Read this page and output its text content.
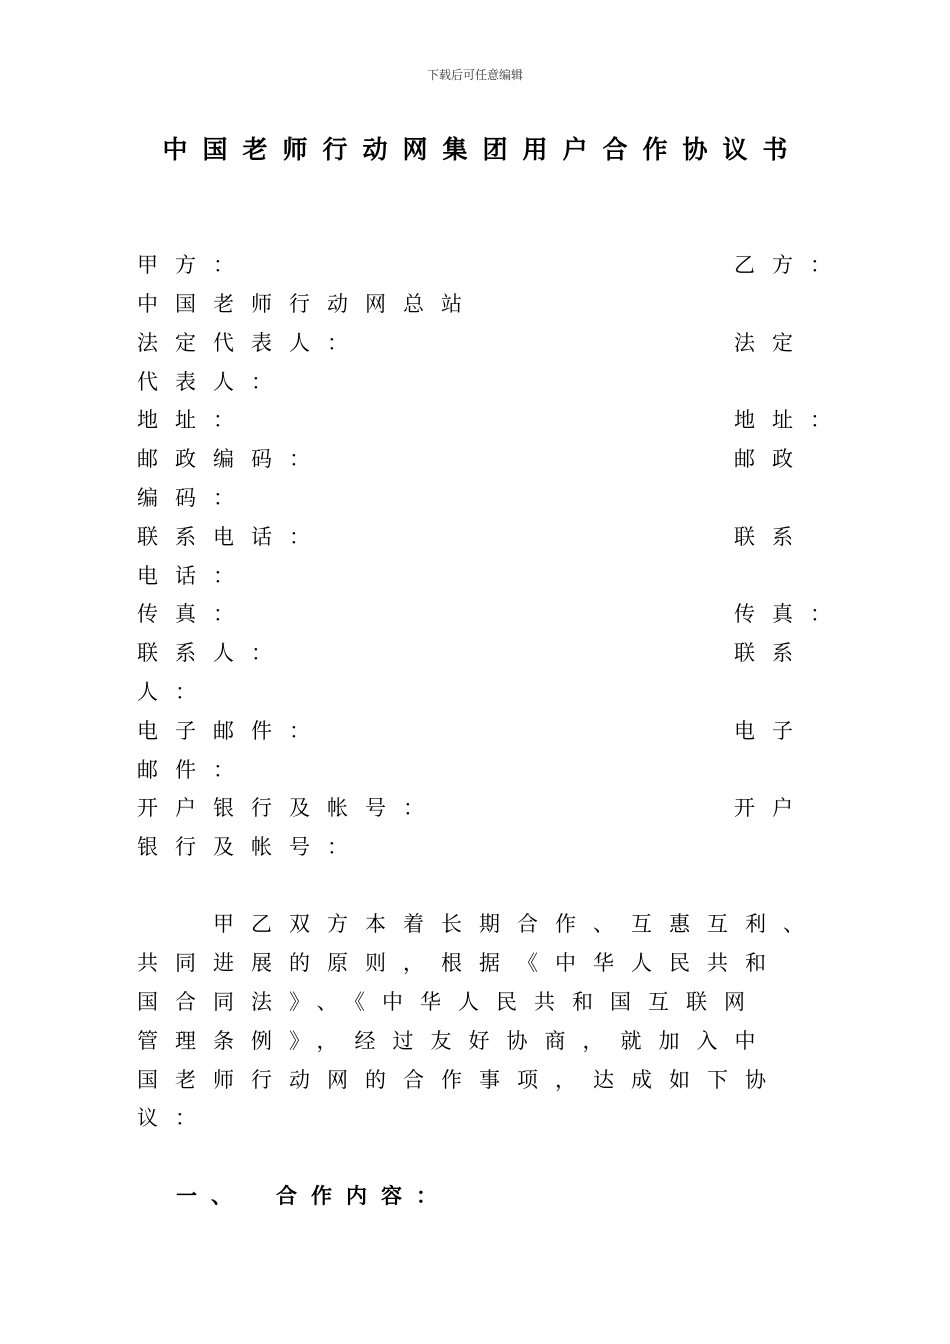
下载后可任意编辑
中国老师行动网集团用户合作协议书
甲方：
中国老师行动网总站
法定代表人：
代表人：
地址：
邮政编码：
编码：
联系电话：
电话：
传真：
联系人：
人：
电子邮件：
邮件：
开户银行及帐号：
银行及帐号：
乙方：
法定
地址：
邮政
联系
传真：
联系
电子
开户
　　甲乙双方本着长期合作、互惠互利、
共同进展的原则，根据《中华人民共和
国合同法》、《中华人民共和国互联网
管理条例》，经过友好协商，就加入中
国老师行动网的合作事项，达成如下协
议：
一、 合作内容：
